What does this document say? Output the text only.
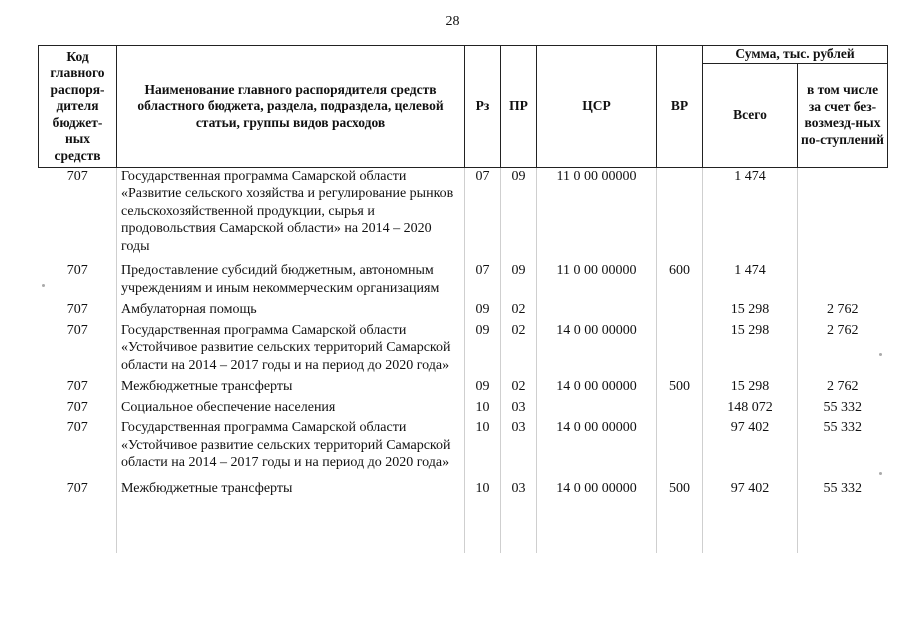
28
Код главного распоря-дителя бюджет-ных средств	Наименование главного распорядителя средств областного бюджета, раздела, подраздела, целевой статьи, группы видов расходов	Рз	ПР	ЦСР	ВР	Сумма, тыс. рублей	
						Всего	в том числе за счет без-возмезд-ных по-ступлений
707	Государственная программа Самарской области «Развитие сельского хозяйства и регулирование рынков сельскохозяйственной продукции, сырья и продовольствия Самарской области» на 2014 – 2020 годы	07	09	11 0 00 00000		1 474	
707	Предоставление субсидий бюджетным, автономным учреждениям и иным некоммерческим организациям	07	09	11 0 00 00000	600	1 474	
707	Амбулаторная помощь	09	02			15 298	2 762
707	Государственная программа Самарской области «Устойчивое развитие сельских территорий Самарской области на 2014 – 2017 годы и на период до 2020 года»	09	02	14 0 00 00000		15 298	2 762
707	Межбюджетные трансферты	09	02	14 0 00 00000	500	15 298	2 762
707	Социальное обеспечение населения	10	03			148 072	55 332
707	Государственная программа Самарской области «Устойчивое развитие сельских территорий Самарской области на 2014 – 2017 годы и на период до 2020 года»	10	03	14 0 00 00000		97 402	55 332
707	Межбюджетные трансферты	10	03	14 0 00 00000	500	97 402	55 332
